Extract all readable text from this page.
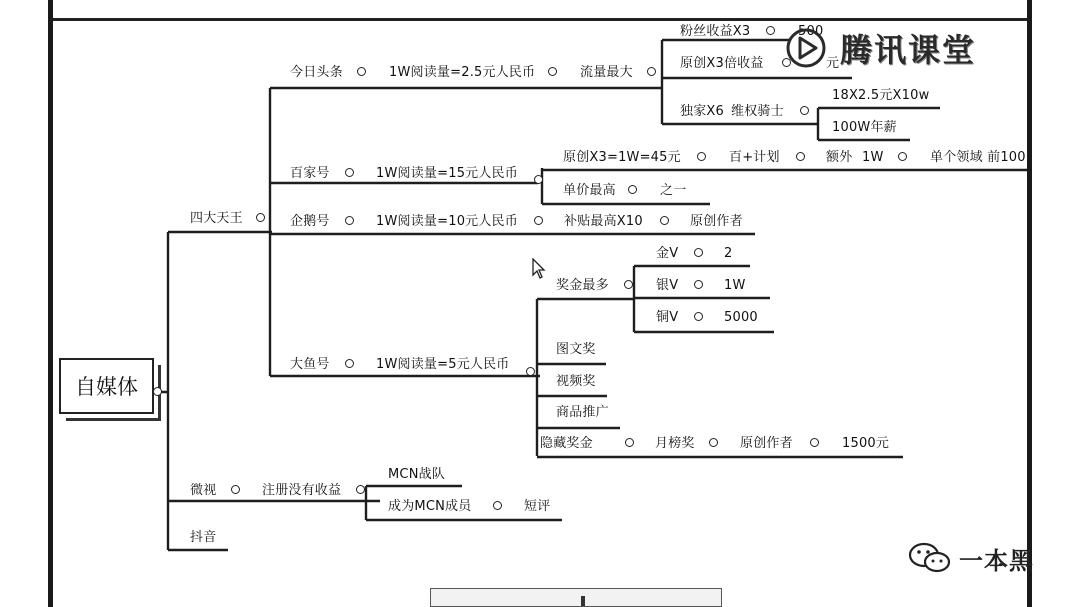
自媒体
四大天王
今日头条	1W阅读量=2.5元人民币	流量最大
粉丝收益X3	500
原创X3倍收益	元
独家X6 维权骑士
18X2.5元X10w
100W年薪
百家号	1W阅读量=15元人民币
原创X3=1W=45元	百+计划	额外 1W	单个领域 前100
单价最高	之一
企鹅号	1W阅读量=10元人民币	补贴最高X10	原创作者
大鱼号	1W阅读量=5元人民币
奖金最多
金V	2
银V	1W
铜V	5000
图文奖
视频奖
商品推广
隐藏奖金	月榜奖	原创作者	1500元
微视	注册没有收益
MCN战队
成为MCN成员	短评
抖音
腾讯课堂
一本黑
